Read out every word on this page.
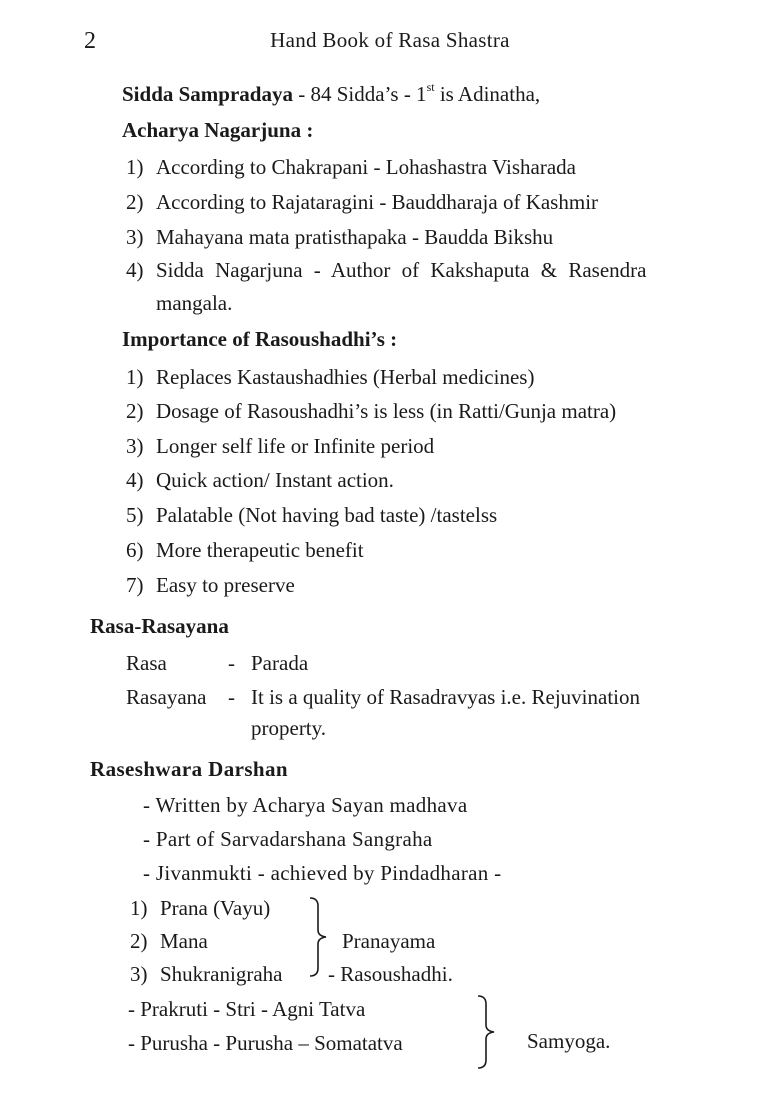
2	Hand Book of Rasa Shastra
Sidda Sampradaya - 84 Sidda’s - 1st is Adinatha,
Acharya Nagarjuna :
1) According to Chakrapani - Lohashastra Visharada
2) According to Rajataragini - Bauddharaja of Kashmir
3) Mahayana mata pratisthapaka - Baudda Bikshu
4) Sidda Nagarjuna - Author of Kakshaputa & Rasendra
mangala.
Importance of Rasoushadhi’s :
1) Replaces Kastaushadhies (Herbal medicines)
2) Dosage of Rasoushadhi’s is less (in Ratti/Gunja matra)
3) Longer self life or Infinite period
4) Quick action/ Instant action.
5) Palatable (Not having bad taste) /tastelss
6) More therapeutic benefit
7) Easy to preserve
Rasa-Rasayana
Rasa	- Parada
Rasayana - It is a quality of Rasadravyas i.e. Rejuvination
property.
Raseshwara Darshan
- Written by Acharya Sayan madhava
- Part of Sarvadarshana Sangraha
- Jivanmukti - achieved by Pindadharan -
1) Prana (Vayu)
2) Mana
3) Shukranigraha
Pranayama
- Rasoushadhi.
- Prakruti - Stri - Agni Tatva
- Purusha - Purusha – Somatatva	Samyoga.
